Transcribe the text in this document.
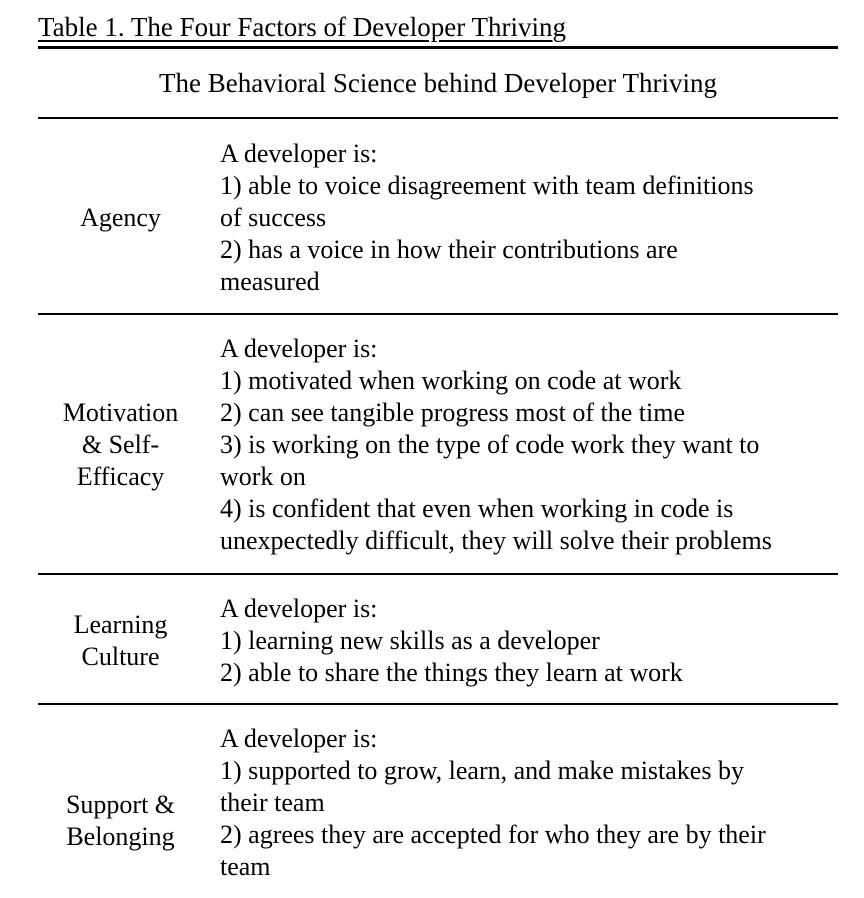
Table 1. The Four Factors of Developer Thriving
The Behavioral Science behind Developer Thriving
Agency
A developer is:
1) able to voice disagreement with team definitions
of success
2) has a voice in how their contributions are
measured
Motivation
& Self-
Efficacy
A developer is:
1) motivated when working on code at work
2) can see tangible progress most of the time
3) is working on the type of code work they want to
work on
4) is confident that even when working in code is
unexpectedly difficult, they will solve their problems
Learning
Culture
A developer is:
1) learning new skills as a developer
2) able to share the things they learn at work
Support &
Belonging
A developer is:
1) supported to grow, learn, and make mistakes by
their team
2) agrees they are accepted for who they are by their
team
